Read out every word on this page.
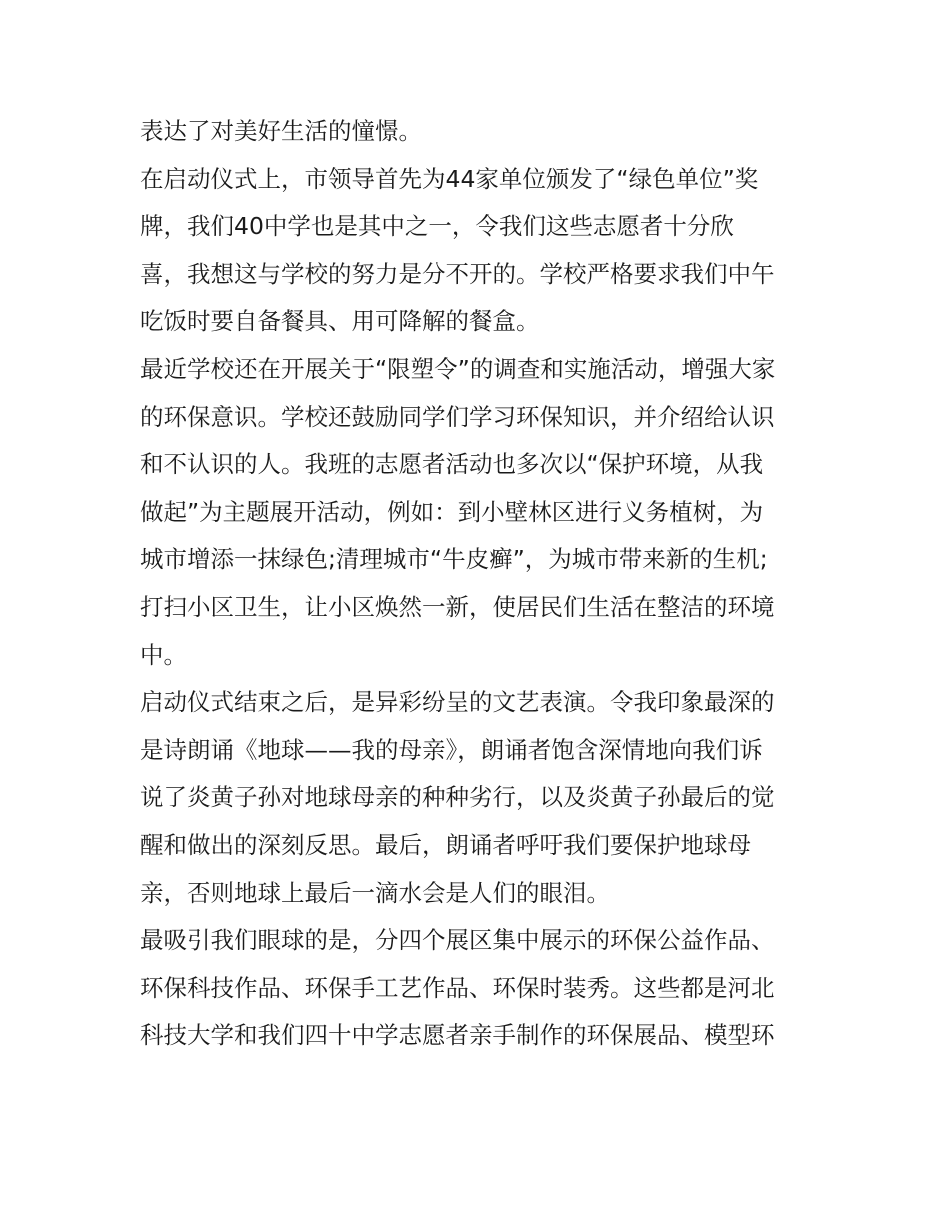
表达了对美好生活的憧憬。
在启动仪式上，市领导首先为44家单位颁发了“绿色单位”奖
牌，我们40中学也是其中之一，令我们这些志愿者十分欣
喜，我想这与学校的努力是分不开的。学校严格要求我们中午
吃饭时要自备餐具、用可降解的餐盒。
最近学校还在开展关于“限塑令”的调查和实施活动，增强大家
的环保意识。学校还鼓励同学们学习环保知识，并介绍给认识
和不认识的人。我班的志愿者活动也多次以“保护环境，从我
做起”为主题展开活动，例如：到小壁林区进行义务植树，为
城市增添一抹绿色;清理城市“牛皮癣”，为城市带来新的生机;
打扫小区卫生，让小区焕然一新，使居民们生活在整洁的环境
中。
启动仪式结束之后，是异彩纷呈的文艺表演。令我印象最深的
是诗朗诵《地球——我的母亲》，朗诵者饱含深情地向我们诉
说了炎黄子孙对地球母亲的种种劣行，以及炎黄子孙最后的觉
醒和做出的深刻反思。最后，朗诵者呼吁我们要保护地球母
亲，否则地球上最后一滴水会是人们的眼泪。
最吸引我们眼球的是，分四个展区集中展示的环保公益作品、
环保科技作品、环保手工艺作品、环保时装秀。这些都是河北
科技大学和我们四十中学志愿者亲手制作的环保展品、模型环
